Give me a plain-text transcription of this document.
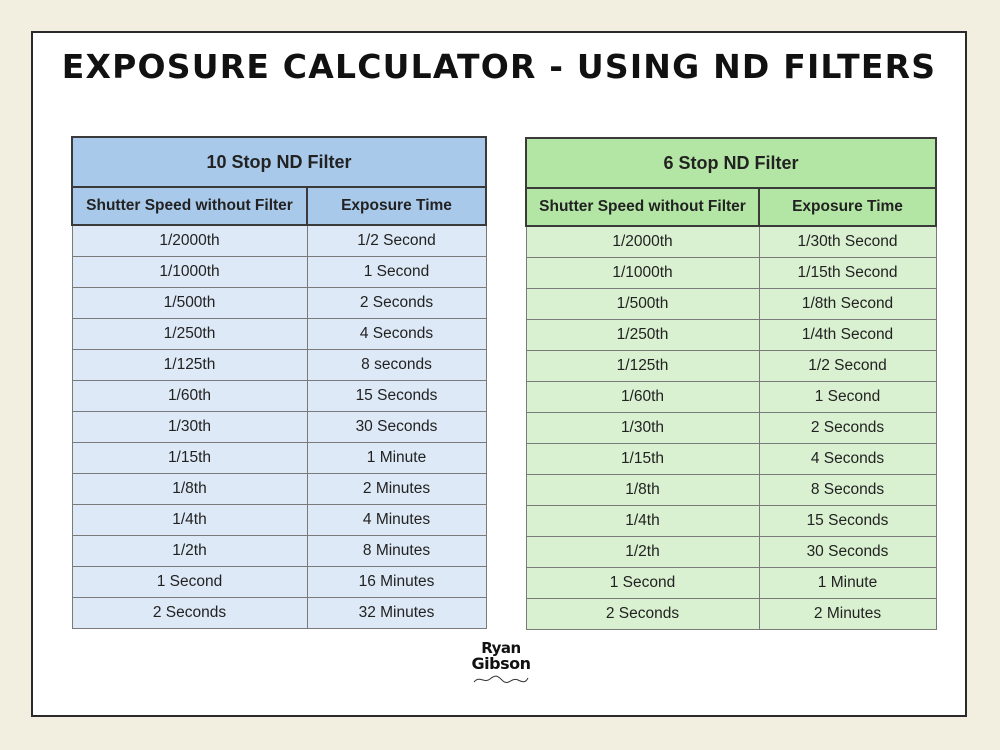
EXPOSURE CALCULATOR - USING ND FILTERS
10 Stop ND Filter	
Shutter Speed without Filter	Exposure Time
1/2000th	1/2 Second
1/1000th	1 Second
1/500th	2 Seconds
1/250th	4 Seconds
1/125th	8 seconds
1/60th	15 Seconds
1/30th	30 Seconds
1/15th	1 Minute
1/8th	2 Minutes
1/4th	4 Minutes
1/2th	8 Minutes
1 Second	16 Minutes
2 Seconds	32 Minutes
6 Stop ND Filter	
Shutter Speed without Filter	Exposure Time
1/2000th	1/30th Second
1/1000th	1/15th Second
1/500th	1/8th Second
1/250th	1/4th Second
1/125th	1/2 Second
1/60th	1 Second
1/30th	2 Seconds
1/15th	4 Seconds
1/8th	8 Seconds
1/4th	15 Seconds
1/2th	30 Seconds
1 Second	1 Minute
2 Seconds	2 Minutes
Ryan
Gibson
